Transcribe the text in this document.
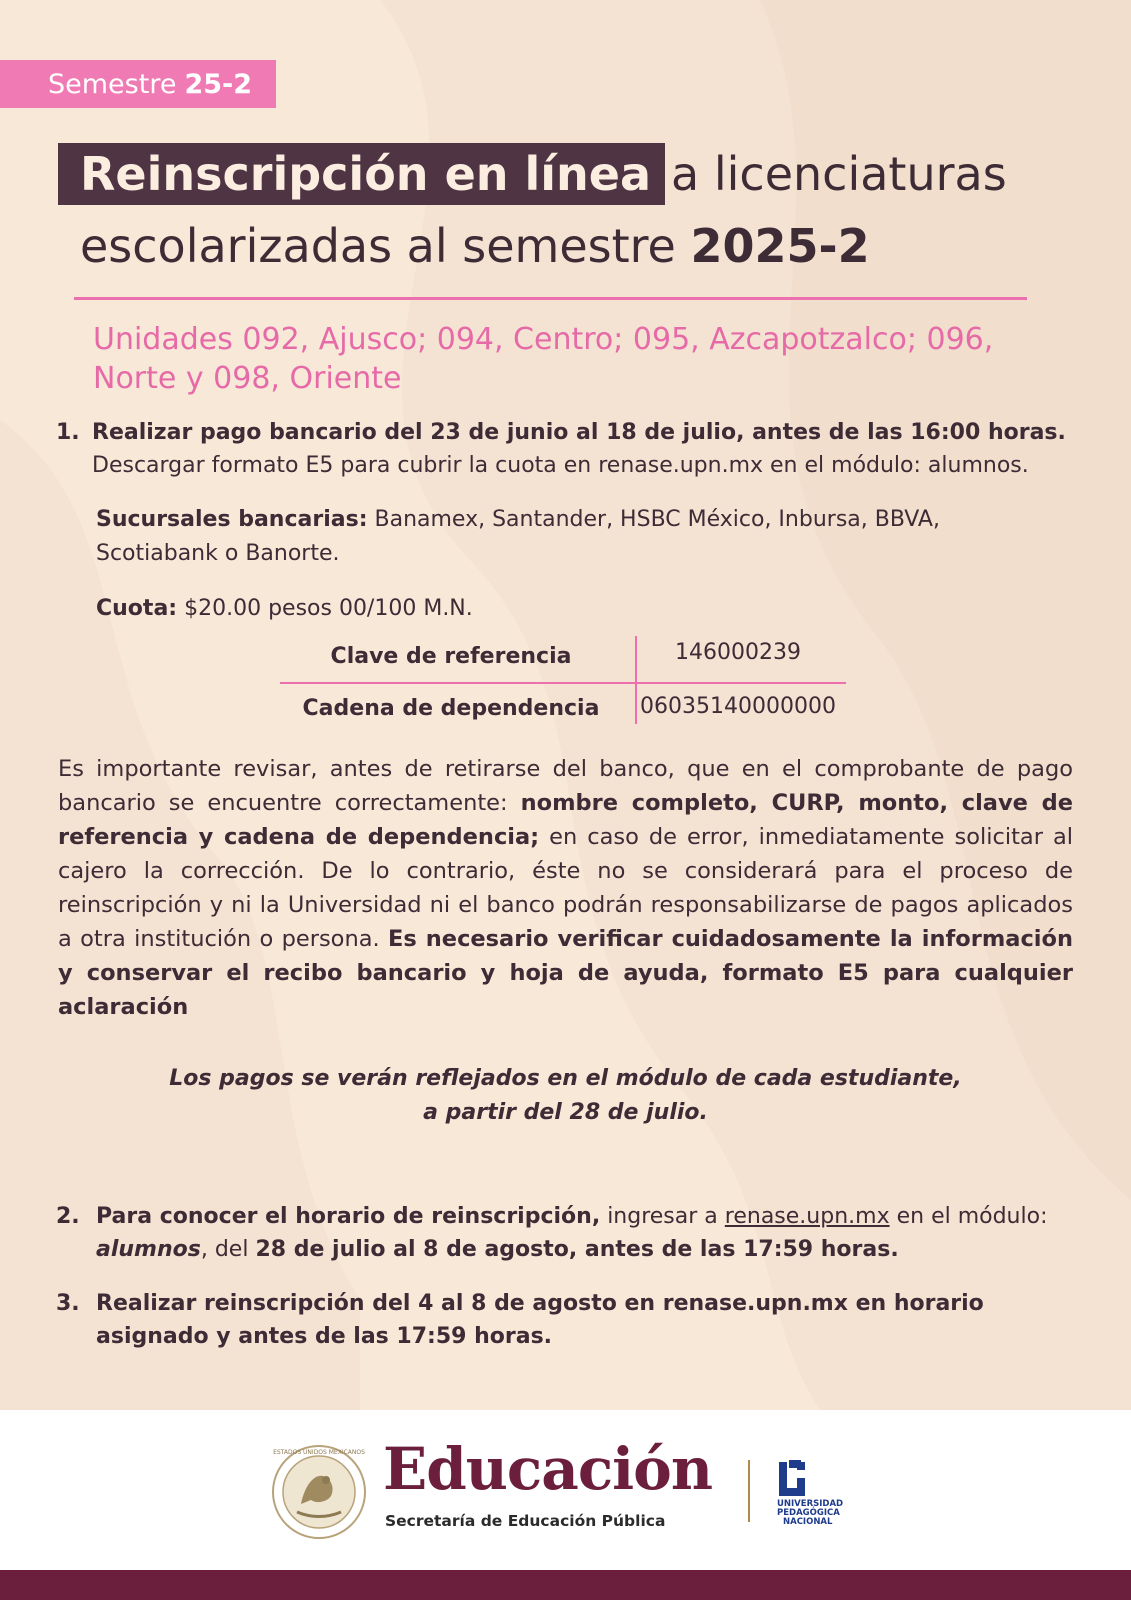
Semestre 25-2
Reinscripción en línea a licenciaturas
escolarizadas al semestre 2025-2
Unidades 092, Ajusco; 094, Centro; 095, Azcapotzalco; 096, Norte y 098, Oriente
1. Realizar pago bancario del 23 de junio al 18 de julio, antes de las 16:00 horas.
Descargar formato E5 para cubrir la cuota en renase.upn.mx en el módulo: alumnos.
Sucursales bancarias: Banamex, Santander, HSBC México, Inbursa, BBVA, Scotiabank o Banorte.
Cuota: $20.00 pesos 00/100 M.N.
Clave de referencia	146000239
Cadena de dependencia	06035140000000
Es importante revisar, antes de retirarse del banco, que en el comprobante de pago bancario se encuentre correctamente: nombre completo, CURP, monto, clave de referencia y cadena de dependencia; en caso de error, inmediatamente solicitar al cajero la corrección. De lo contrario, éste no se considerará para el proceso de reinscripción y ni la Universidad ni el banco podrán responsabilizarse de pagos aplicados a otra institución o persona. Es necesario verificar cuidadosamente la información y conservar el recibo bancario y hoja de ayuda, formato E5 para cualquier aclaración
Los pagos se verán reflejados en el módulo de cada estudiante,
a partir del 28 de julio.
2. Para conocer el horario de reinscripción, ingresar a renase.upn.mx en el módulo: alumnos, del 28 de julio al 8 de agosto, antes de las 17:59 horas.
3. Realizar reinscripción del 4 al 8 de agosto en renase.upn.mx en horario asignado y antes de las 17:59 horas.
ESTADOS UNIDOS MEXICANOS Educación
Secretaría de Educación Pública
UNIVERSIDAD
PEDAGÓGICA
NACIONAL
